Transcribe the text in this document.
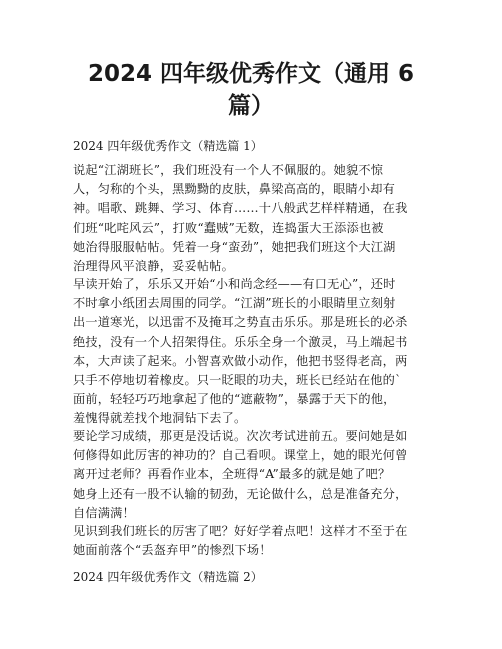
2024 四年级优秀作文（通用 6
篇）

2024 四年级优秀作文（精选篇 1）

说起“江湖班长”，我们班没有一个人不佩服的。她貌不惊
人，匀称的个头，黑黝黝的皮肤，鼻梁高高的，眼睛小却有
神。唱歌、跳舞、学习、体育……十八般武艺样样精通，在我
们班“叱咤风云”，打败“蠢贼”无数，连捣蛋大王添添也被
她治得服服帖帖。凭着一身“蛮劲”，她把我们班这个大江湖
治理得风平浪静，妥妥帖帖。
早读开始了，乐乐又开始“小和尚念经——有口无心”，还时
不时拿小纸团去周围的同学。“江湖”班长的小眼睛里立刻射
出一道寒光，以迅雷不及掩耳之势直击乐乐。那是班长的必杀
绝技，没有一个人招架得住。乐乐全身一个激灵，马上端起书
本，大声读了起来。小智喜欢做小动作，他把书竖得老高，两
只手不停地切着橡皮。只一眨眼的功夫，班长已经站在他的`
面前，轻轻巧巧地拿起了他的“遮蔽物”，暴露于天下的他，
羞愧得就差找个地洞钻下去了。
要论学习成绩，那更是没话说。次次考试进前五。要问她是如
何修得如此厉害的神功的？自己看呗。课堂上，她的眼光何曾
离开过老师？再看作业本，全班得“A”最多的就是她了吧？
她身上还有一股不认输的韧劲，无论做什么，总是准备充分，
自信满满！
见识到我们班长的厉害了吧？好好学着点吧！这样才不至于在
她面前落个“丢盔弃甲”的惨烈下场！

2024 四年级优秀作文（精选篇 2）
